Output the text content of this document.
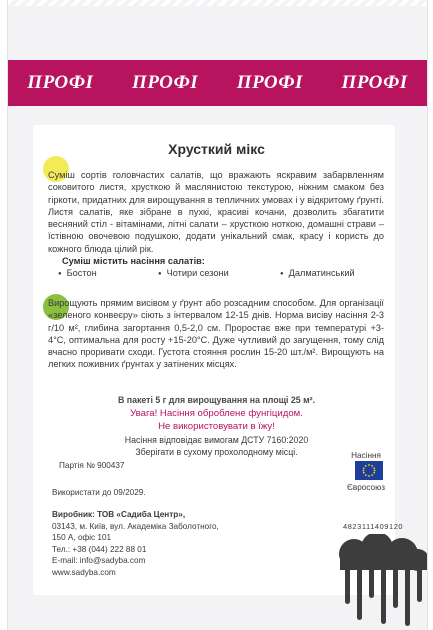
ПРОФІ ПРОФІ ПРОФІ ПРОФІ
Хрусткий мікс

Суміш сортів головчастих салатів, що вражають яскравим забарвленням соковитого листя, хрусткою й маслянистою текстурою, ніжним смаком без гіркоти, придатних для вирощування в тепличних умовах і у відкритому ґрунті. Листя салатів, яке зібране в пухкі, красиві кочани, дозволить збагатити весняний стіл - вітамінами, літні салати – хрусткою ноткою, домашні страви – їстівною овочевою подушкою, додати унікальний смак, красу і користь до кожного блюда цілий рік.

Суміш містить насіння салатів:

● Бостон	● Чотири сезони	● Далматинський

Вирощують прямим висівом у ґрунт або розсадним способом. Для організації «зеленого конвеєру» сіють з інтервалом 12-15 днів. Норма висіву насіння 2-3 г/10 м², глибина загортання 0,5-2,0 см. Проростає вже при температурі +3-4°С, оптимальна для росту +15-20°С. Дуже чутливий до загущення, тому слід вчасно проривати сходи. Густота стояння рослин 15-20 шт./м². Вирощують на легких поживних ґрунтах у затінених місцях.

В пакеті 5 г для вирощування на площі 25 м².

Увага! Насіння оброблене фунгіцидом.

Не використовувати в їжу!

Насіння відповідає вимогам ДСТУ 7160:2020

Зберігати в сухому прохолодному місці.

Партія № 900437

Використати до 09/2029.

Насіння

Євросоюз

Виробник: ТОВ «Садиба Центр»,
03143, м. Київ, вул. Академіка Заболотного,
150 А, офіс 101
Тел.: +38 (044) 222 88 01
E-mail: info@sadyba.com
www.sadyba.com

4823111409120
